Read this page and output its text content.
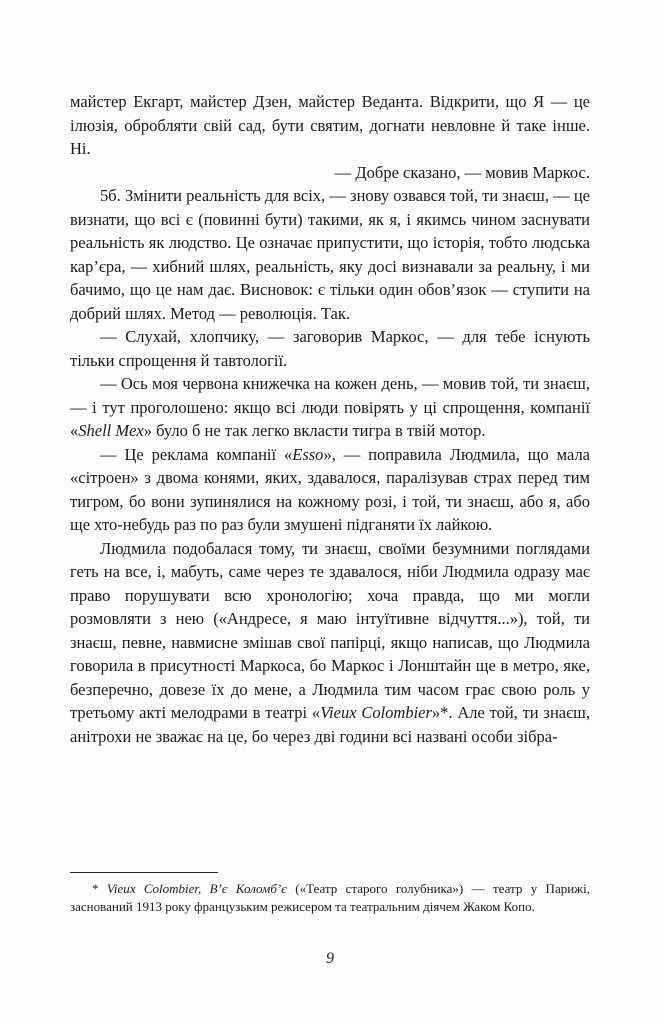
майстер Екгарт, майстер Дзен, майстер Веданта. Відкрити, що Я — це ілюзія, обробляти свій сад, бути святим, догнати невловне й таке інше. Ні.

— Добре сказано, — мовив Маркос.

5б. Змінити реальність для всіх, — знову озвався той, ти знаєш, — це визнати, що всі є (повинні бути) такими, як я, і якимсь чином заснувати реальність як людство. Це означає припустити, що історія, тобто людська кар’єра, — хибний шлях, реальність, яку досі визнавали за реальну, і ми бачимо, що це нам дає. Висновок: є тільки один обов’язок — ступити на добрий шлях. Метод — революція. Так.

— Слухай, хлопчику, — заговорив Маркос, — для тебе існують тільки спрощення й тавтології.

— Ось моя червона книжечка на кожен день, — мовив той, ти знаєш, — і тут проголошено: якщо всі люди повірять у ці спрощення, компанії «Shell Mex» було б не так легко вкласти тигра в твій мотор.

— Це реклама компанії «Esso», — поправила Людмила, що мала «сітроен» з двома конями, яких, здавалося, паралізував страх перед тим тигром, бо вони зупинялися на кожному розі, і той, ти знаєш, або я, або ще хто-небудь раз по раз були змушені підганяти їх лайкою.

Людмила подобалася тому, ти знаєш, своїми безумними поглядами геть на все, і, мабуть, саме через те здавалося, ніби Людмила одразу має право порушувати всю хронологію; хоча правда, що ми могли розмовляти з нею («Андресе, я маю інтуїтивне відчуття...»), той, ти знаєш, певне, навмисне змішав свої папірці, якщо написав, що Людмила говорила в присутності Маркоса, бо Маркос і Лонштайн ще в метро, яке, безперечно, довезе їх до мене, а Людмила тим часом грає свою роль у третьому акті мелодрами в театрі «Vieux Colombier»*. Але той, ти знаєш, анітрохи не зважає на це, бо через дві години всі названі особи зібра-

* Vieux Colombier, В’є Коломб’є («Театр старого голубника») — театр у Парижі, заснований 1913 року французьким режисером та театральним діячем Жаком Копо.

9
